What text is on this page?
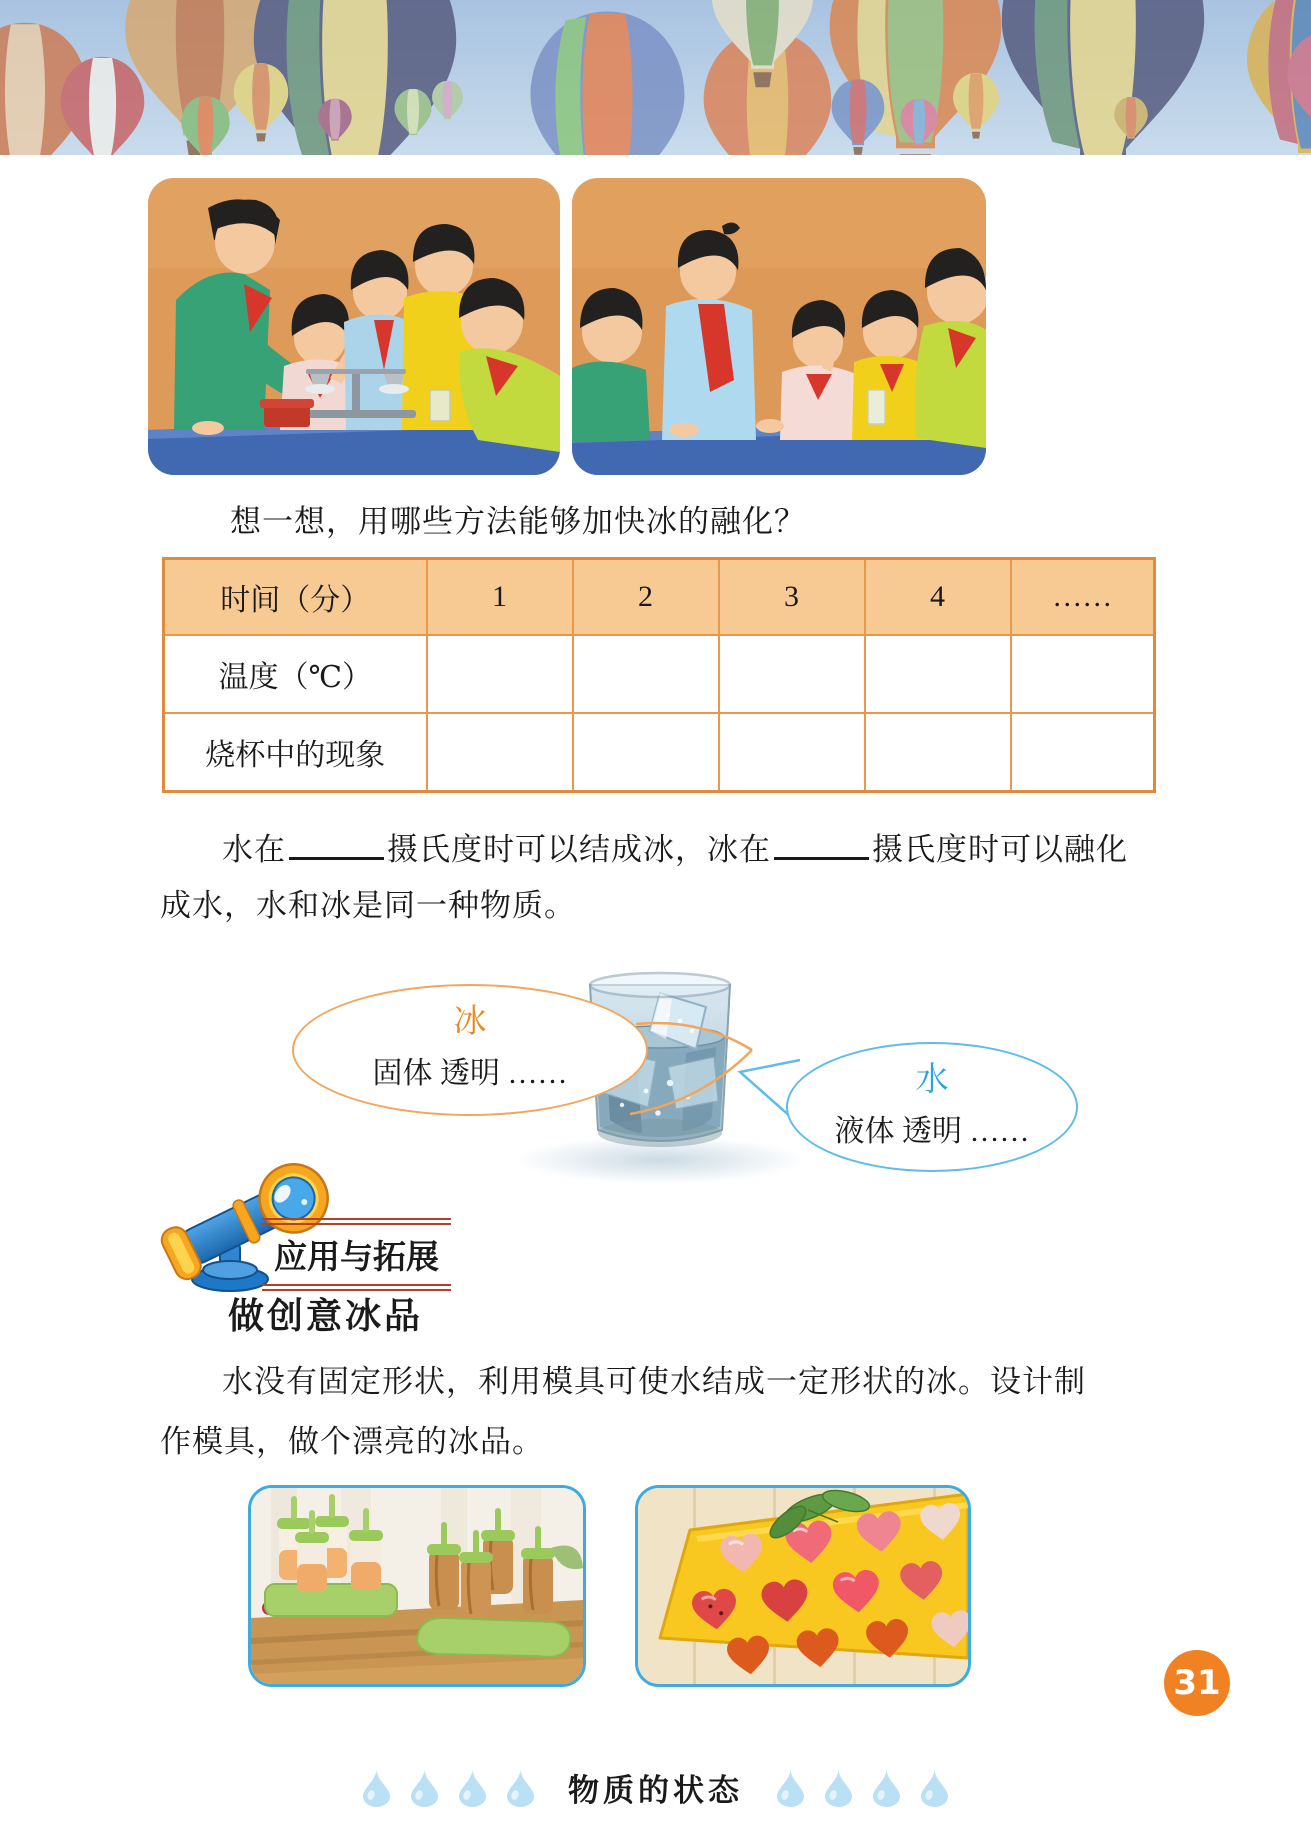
想一想，用哪些方法能够加快冰的融化？
时间（分）	1	2	3	4	……
温度（℃）					
烧杯中的现象					
水在	摄氏度时可以结成冰，冰在	摄氏度时可以融化
成水，水和冰是同一种物质。
冰
固体 透明 ……	水
液体 透明 ……
应用与拓展
做创意冰品
水没有固定形状，利用模具可使水结成一定形状的冰。设计制
作模具，做个漂亮的冰品。
31
物质的状态
